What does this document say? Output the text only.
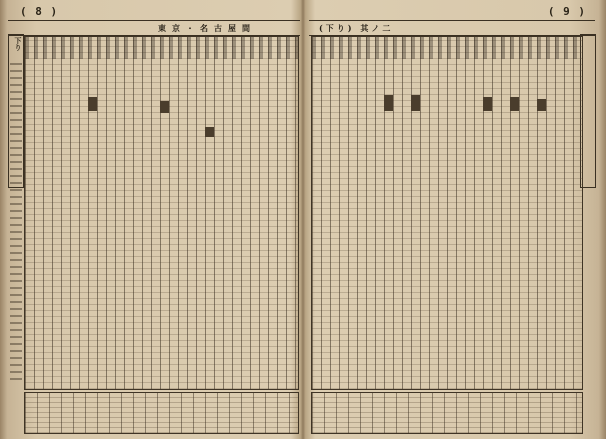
( 8 )
東京・名古屋間
下り
( 9 )
(下り) 其ノ二
